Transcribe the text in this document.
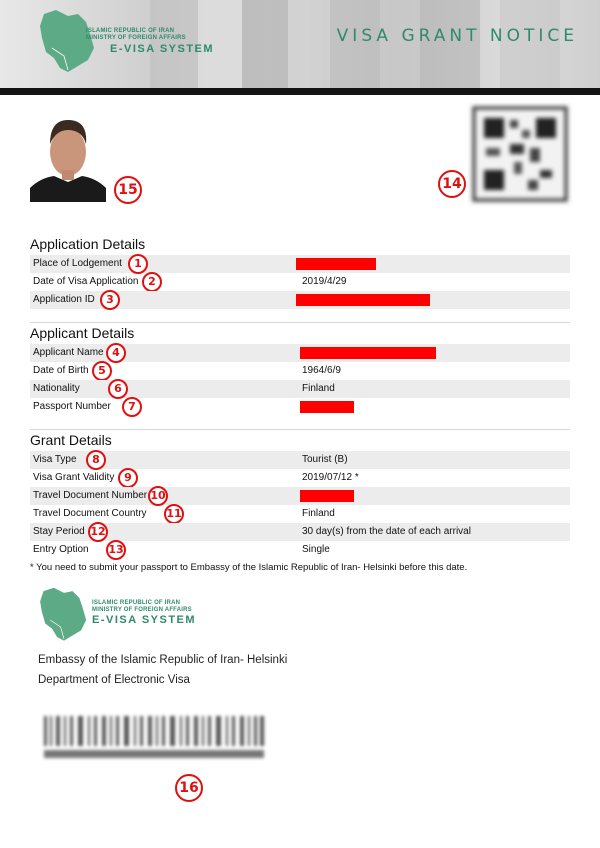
ISLAMIC REPUBLIC OF IRAN
MINISTRY OF FOREIGN AFFAIRS
E-VISA SYSTEM
VISA GRANT NOTICE
15	14
Application Details
Place of Lodgement	1
Date of Visa Application 2	2019/4/29
Application ID	3
Applicant Details
Applicant Name 4
Date of Birth 5	1964/6/9
Nationality	6	Finland
Passport Number	7
Grant Details
Visa Type	8	Tourist (B)
Visa Grant Validity 9	2019/07/12 *
Travel Document Number 10
Travel Document Country 11	Finland
Stay Period 12	30 day(s) from the date of each arrival
Entry Option 13	Single
* You need to submit your passport to Embassy of the Islamic Republic of Iran- Helsinki before this date.
ISLAMIC REPUBLIC OF IRAN
MINISTRY OF FOREIGN AFFAIRS
E-VISA SYSTEM
Embassy of the Islamic Republic of Iran- Helsinki
Department of Electronic Visa
16
